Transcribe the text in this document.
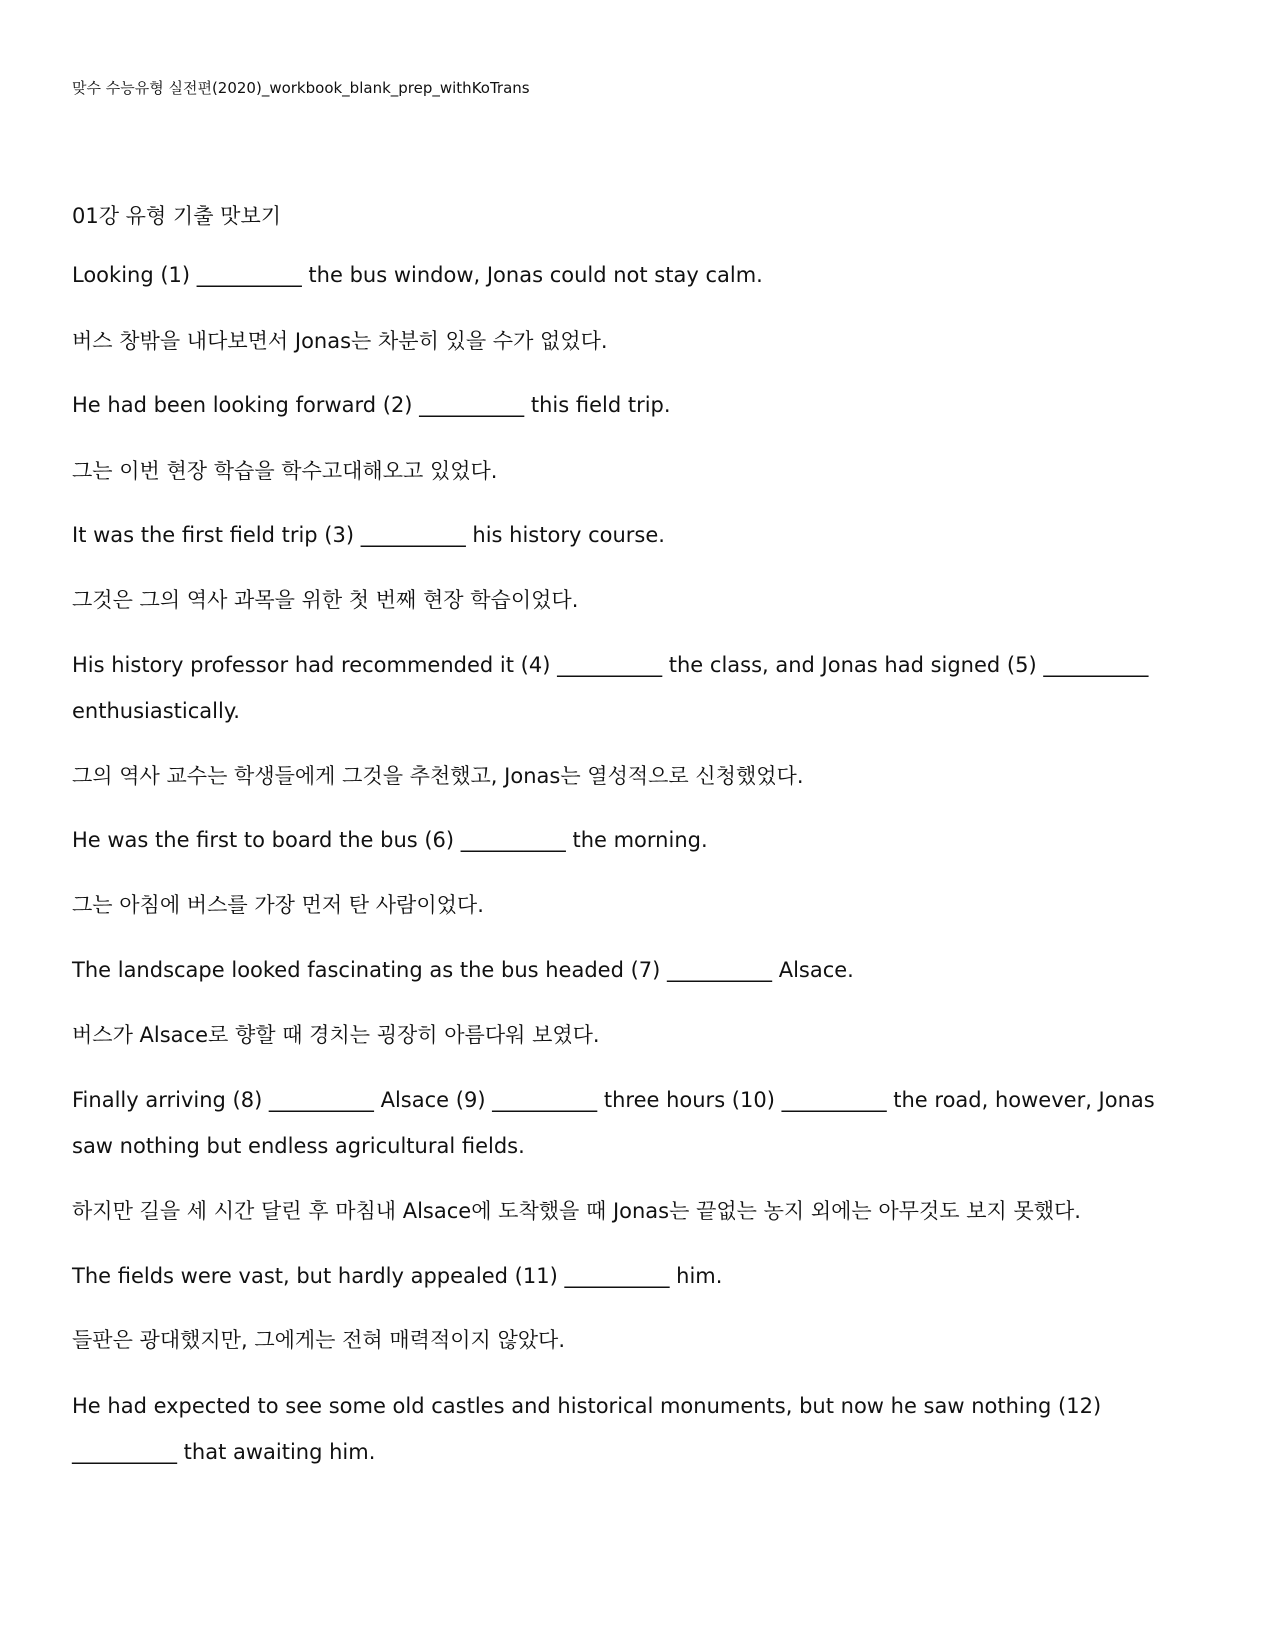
맞수 수능유형 실전편(2020)_workbook_blank_prep_withKoTrans
01강 유형 기출 맛보기
Looking (1) __________ the bus window, Jonas could not stay calm.
버스 창밖을 내다보면서 Jonas는 차분히 있을 수가 없었다.
He had been looking forward (2) __________ this field trip.
그는 이번 현장 학습을 학수고대해오고 있었다.
It was the first field trip (3) __________ his history course.
그것은 그의 역사 과목을 위한 첫 번째 현장 학습이었다.
His history professor had recommended it (4) __________ the class, and Jonas had signed (5) __________ enthusiastically.
그의 역사 교수는 학생들에게 그것을 추천했고, Jonas는 열성적으로 신청했었다.
He was the first to board the bus (6) __________ the morning.
그는 아침에 버스를 가장 먼저 탄 사람이었다.
The landscape looked fascinating as the bus headed (7) __________ Alsace.
버스가 Alsace로 향할 때 경치는 굉장히 아름다워 보였다.
Finally arriving (8) __________ Alsace (9) __________ three hours (10) __________ the road, however, Jonas saw nothing but endless agricultural fields.
하지만 길을 세 시간 달린 후 마침내 Alsace에 도착했을 때 Jonas는 끝없는 농지 외에는 아무것도 보지 못했다.
The fields were vast, but hardly appealed (11) __________ him.
들판은 광대했지만, 그에게는 전혀 매력적이지 않았다.
He had expected to see some old castles and historical monuments, but now he saw nothing (12) __________ that awaiting him.
